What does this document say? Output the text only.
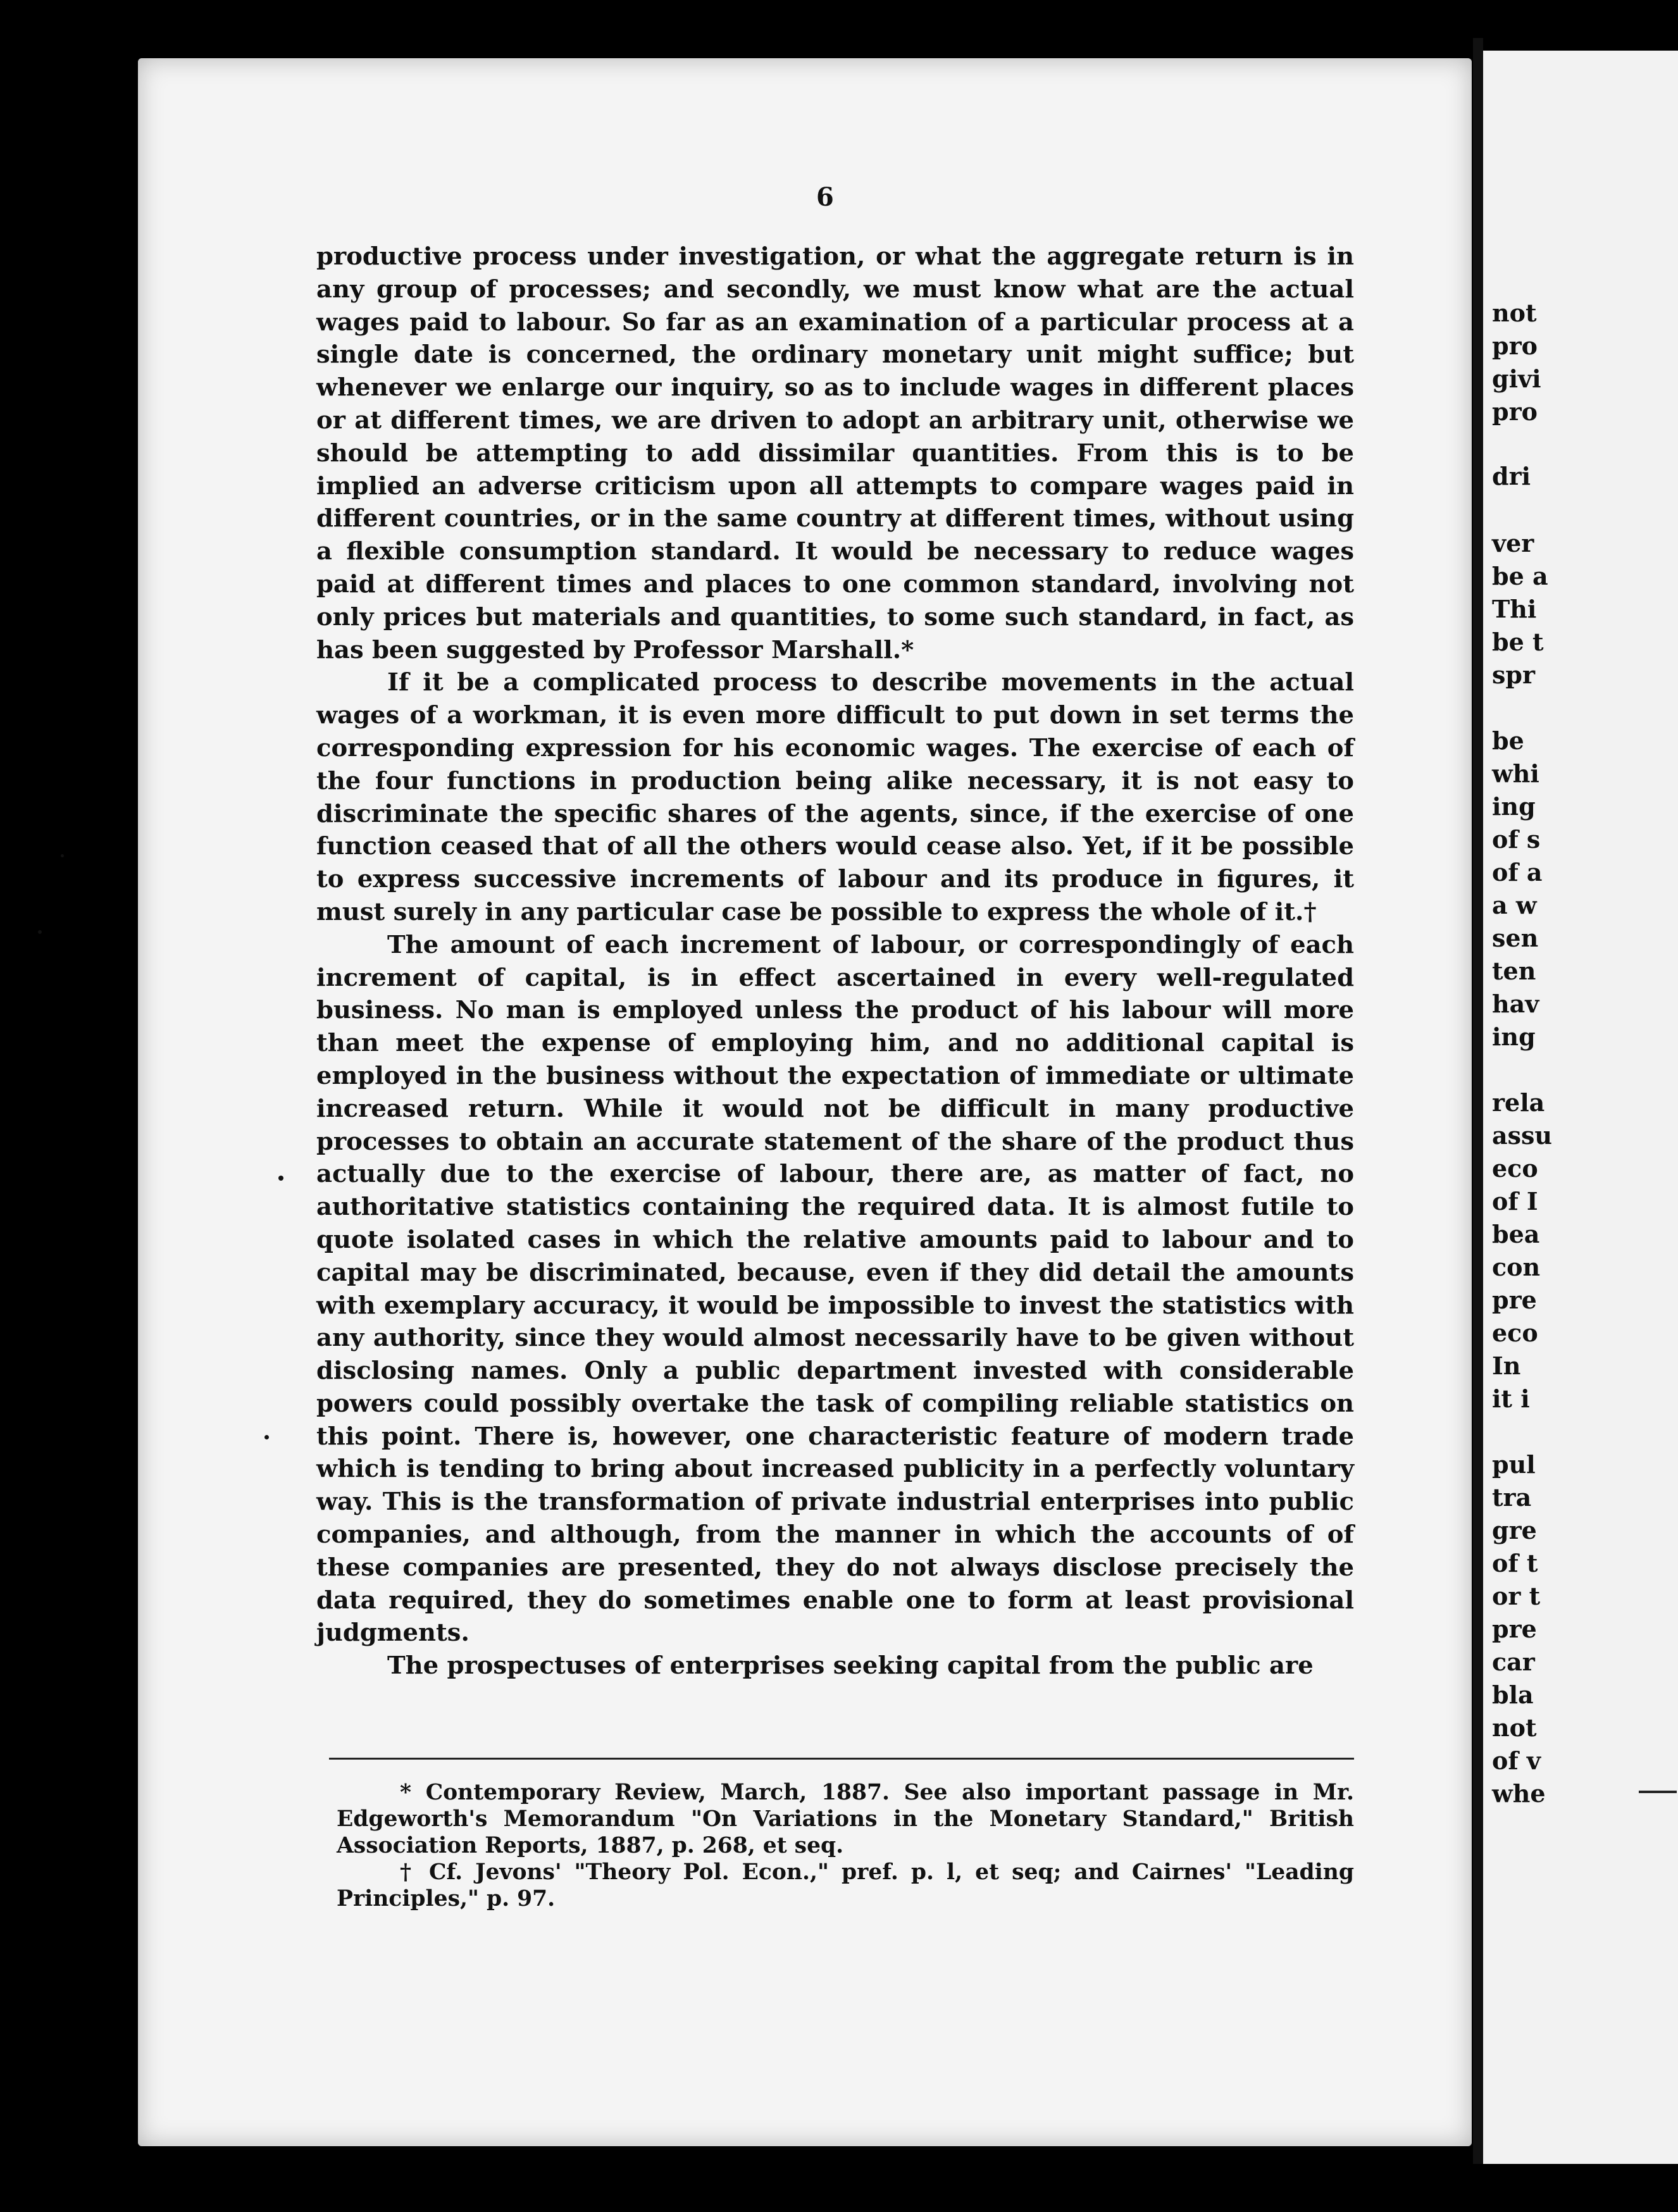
not
pro
givi
pro
dri
ver
be a
Thi
be t
spr
be
whi
ing
of s
of a
a w
sen
ten
hav
ing
rela
assu
eco
of I
bea
con
pre
eco
In
it i
pul
tra
gre
of t
or t
pre
car
bla
not
of v
whe
6

productive process under investigation, or what the aggregate return is in any group of processes; and secondly, we must know what are the actual wages paid to labour. So far as an examination of a particular process at a single date is concerned, the ordinary monetary unit might suffice; but whenever we enlarge our inquiry, so as to include wages in different places or at different times, we are driven to adopt an arbitrary unit, otherwise we should be attempting to add dissimilar quantities. From this is to be implied an adverse criticism upon all attempts to compare wages paid in different countries, or in the same country at different times, without using a flexible consumption standard. It would be necessary to reduce wages paid at different times and places to one common standard, involving not only prices but materials and quantities, to some such standard, in fact, as has been suggested by Professor Marshall.*

If it be a complicated process to describe movements in the actual wages of a workman, it is even more difficult to put down in set terms the corresponding expression for his economic wages. The exercise of each of the four functions in production being alike necessary, it is not easy to discriminate the specific shares of the agents, since, if the exercise of one function ceased that of all the others would cease also. Yet, if it be possible to express successive increments of labour and its produce in figures, it must surely in any particular case be possible to express the whole of it.†

The amount of each increment of labour, or correspondingly of each increment of capital, is in effect ascertained in every well-regulated business. No man is employed unless the product of his labour will more than meet the expense of employing him, and no additional capital is employed in the business without the expectation of immediate or ultimate increased return. While it would not be difficult in many productive processes to obtain an accurate statement of the share of the product thus actually due to the exercise of labour, there are, as matter of fact, no authoritative statistics containing the required data. It is almost futile to quote isolated cases in which the relative amounts paid to labour and to capital may be discriminated, because, even if they did detail the amounts with exemplary accuracy, it would be impossible to invest the statistics with any authority, since they would almost necessarily have to be given without disclosing names. Only a public department invested with considerable powers could possibly overtake the task of compiling reliable statistics on this point. There is, however, one characteristic feature of modern trade which is tending to bring about increased publicity in a perfectly voluntary way. This is the transformation of private industrial enterprises into public companies, and although, from the manner in which the accounts of of these companies are presented, they do not always disclose precisely the data required, they do sometimes enable one to form at least provisional judgments.

The prospectuses of enterprises seeking capital from the public are

* Contemporary Review, March, 1887. See also important passage in Mr. Edgeworth's Memorandum "On Variations in the Monetary Standard," British Association Reports, 1887, p. 268, et seq.

† Cf. Jevons' "Theory Pol. Econ.," pref. p. l, et seq; and Cairnes' "Leading Principles," p. 97.
